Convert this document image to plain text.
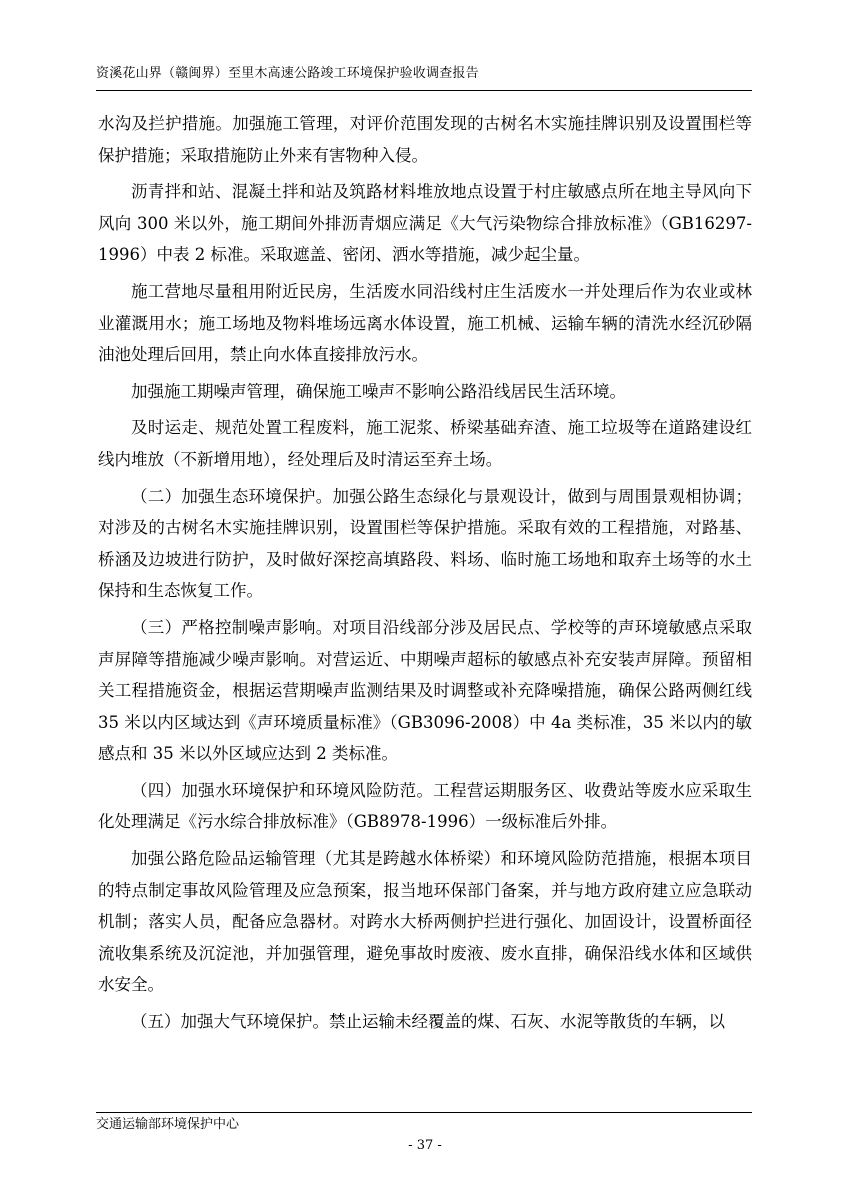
资溪花山界（赣闽界）至里木高速公路竣工环境保护验收调查报告

水沟及拦护措施。加强施工管理，对评价范围发现的古树名木实施挂牌识别及设置围栏等保护措施；采取措施防止外来有害物种入侵。

沥青拌和站、混凝土拌和站及筑路材料堆放地点设置于村庄敏感点所在地主导风向下风向 300 米以外，施工期间外排沥青烟应满足《大气污染物综合排放标准》（GB16297-1996）中表 2 标准。采取遮盖、密闭、洒水等措施，减少起尘量。

施工营地尽量租用附近民房，生活废水同沿线村庄生活废水一并处理后作为农业或林业灌溉用水；施工场地及物料堆场远离水体设置，施工机械、运输车辆的清洗水经沉砂隔油池处理后回用，禁止向水体直接排放污水。

加强施工期噪声管理，确保施工噪声不影响公路沿线居民生活环境。

及时运走、规范处置工程废料，施工泥浆、桥梁基础弃渣、施工垃圾等在道路建设红线内堆放（不新增用地），经处理后及时清运至弃土场。

（二）加强生态环境保护。加强公路生态绿化与景观设计，做到与周围景观相协调；对涉及的古树名木实施挂牌识别，设置围栏等保护措施。采取有效的工程措施，对路基、桥涵及边坡进行防护，及时做好深挖高填路段、料场、临时施工场地和取弃土场等的水土保持和生态恢复工作。

（三）严格控制噪声影响。对项目沿线部分涉及居民点、学校等的声环境敏感点采取声屏障等措施减少噪声影响。对营运近、中期噪声超标的敏感点补充安装声屏障。预留相关工程措施资金，根据运营期噪声监测结果及时调整或补充降噪措施，确保公路两侧红线 35 米以内区域达到《声环境质量标准》（GB3096-2008）中 4a 类标准，35 米以内的敏感点和 35 米以外区域应达到 2 类标准。

（四）加强水环境保护和环境风险防范。工程营运期服务区、收费站等废水应采取生化处理满足《污水综合排放标准》（GB8978-1996）一级标准后外排。

加强公路危险品运输管理（尤其是跨越水体桥梁）和环境风险防范措施，根据本项目的特点制定事故风险管理及应急预案，报当地环保部门备案，并与地方政府建立应急联动机制；落实人员，配备应急器材。对跨水大桥两侧护拦进行强化、加固设计，设置桥面径流收集系统及沉淀池，并加强管理，避免事故时废液、废水直排，确保沿线水体和区域供水安全。

（五）加强大气环境保护。禁止运输未经覆盖的煤、石灰、水泥等散货的车辆，以

交通运输部环境保护中心
- 37 -
